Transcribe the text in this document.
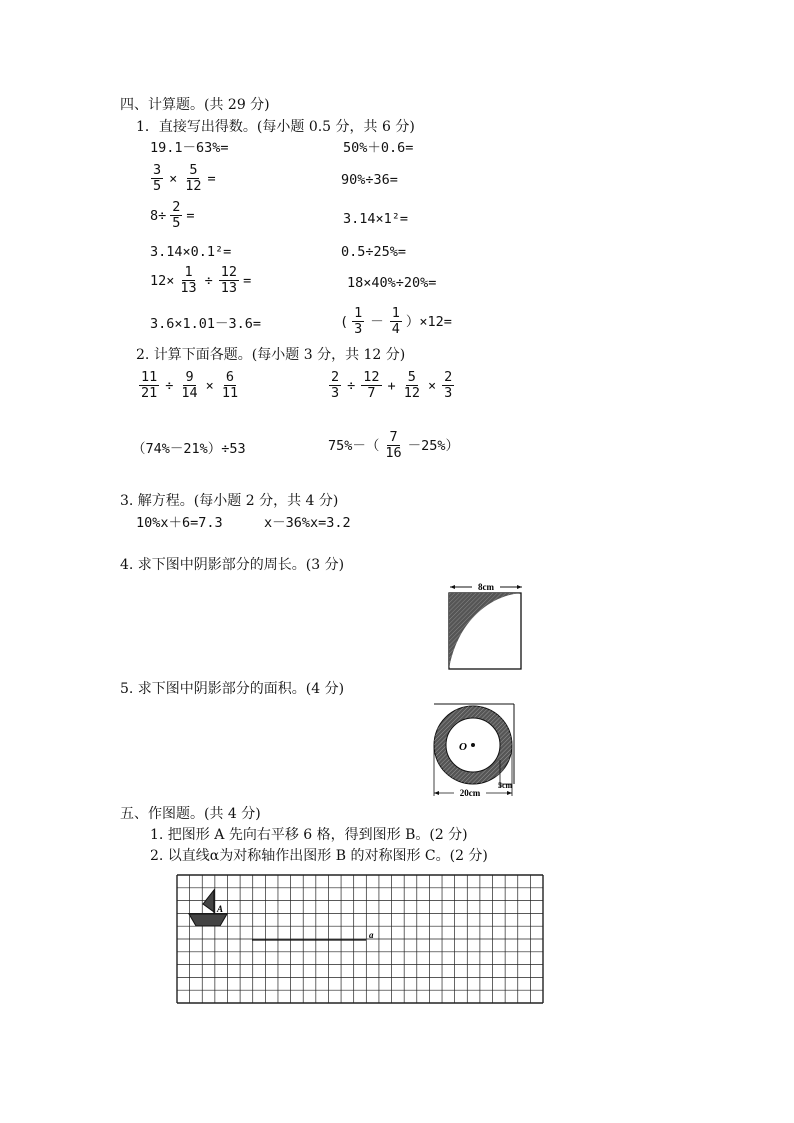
四、计算题。(共 29 分)
1．直接写出得数。(每小题 0.5 分，共 6 分)
19.1－63%=	50%＋0.6=
$\frac{3}{5} \times \frac{5}{12}$ =	90%÷36=
$8\div \frac{2}{5}$ =	3.14×1²=
3.14×0.1²=	0.5÷25%=
$12\times \frac{1}{13} \div \frac{12}{13}$ =	18×40%÷20%=
3.6×1.01－3.6=	( $\frac{1}{3} - \frac{1}{4} )\times 12=$
2. 计算下面各题。(每小题 3 分，共 12 分)
$\frac{11}{21} \div \frac{9}{14} \times \frac{6}{11}$	$\frac{2}{3} \div \frac{12}{7} + \frac{5}{12} \times \frac{2}{3}$
（74%－21%）÷53	$75\%-( \frac{7}{16} -25\%)$
3. 解方程。(每小题 2 分，共 4 分)
10%x＋6=7.3	x－36%x=3.2
4. 求下图中阴影部分的周长。(3 分)
8cm
5. 求下图中阴影部分的面积。(4 分)
O
5cm
20cm
五、作图题。(共 4 分)
1. 把图形 A 先向右平移 6 格，得到图形 B。(2 分)
2. 以直线α为对称轴作出图形 B 的对称图形 C。(2 分)
A
a
